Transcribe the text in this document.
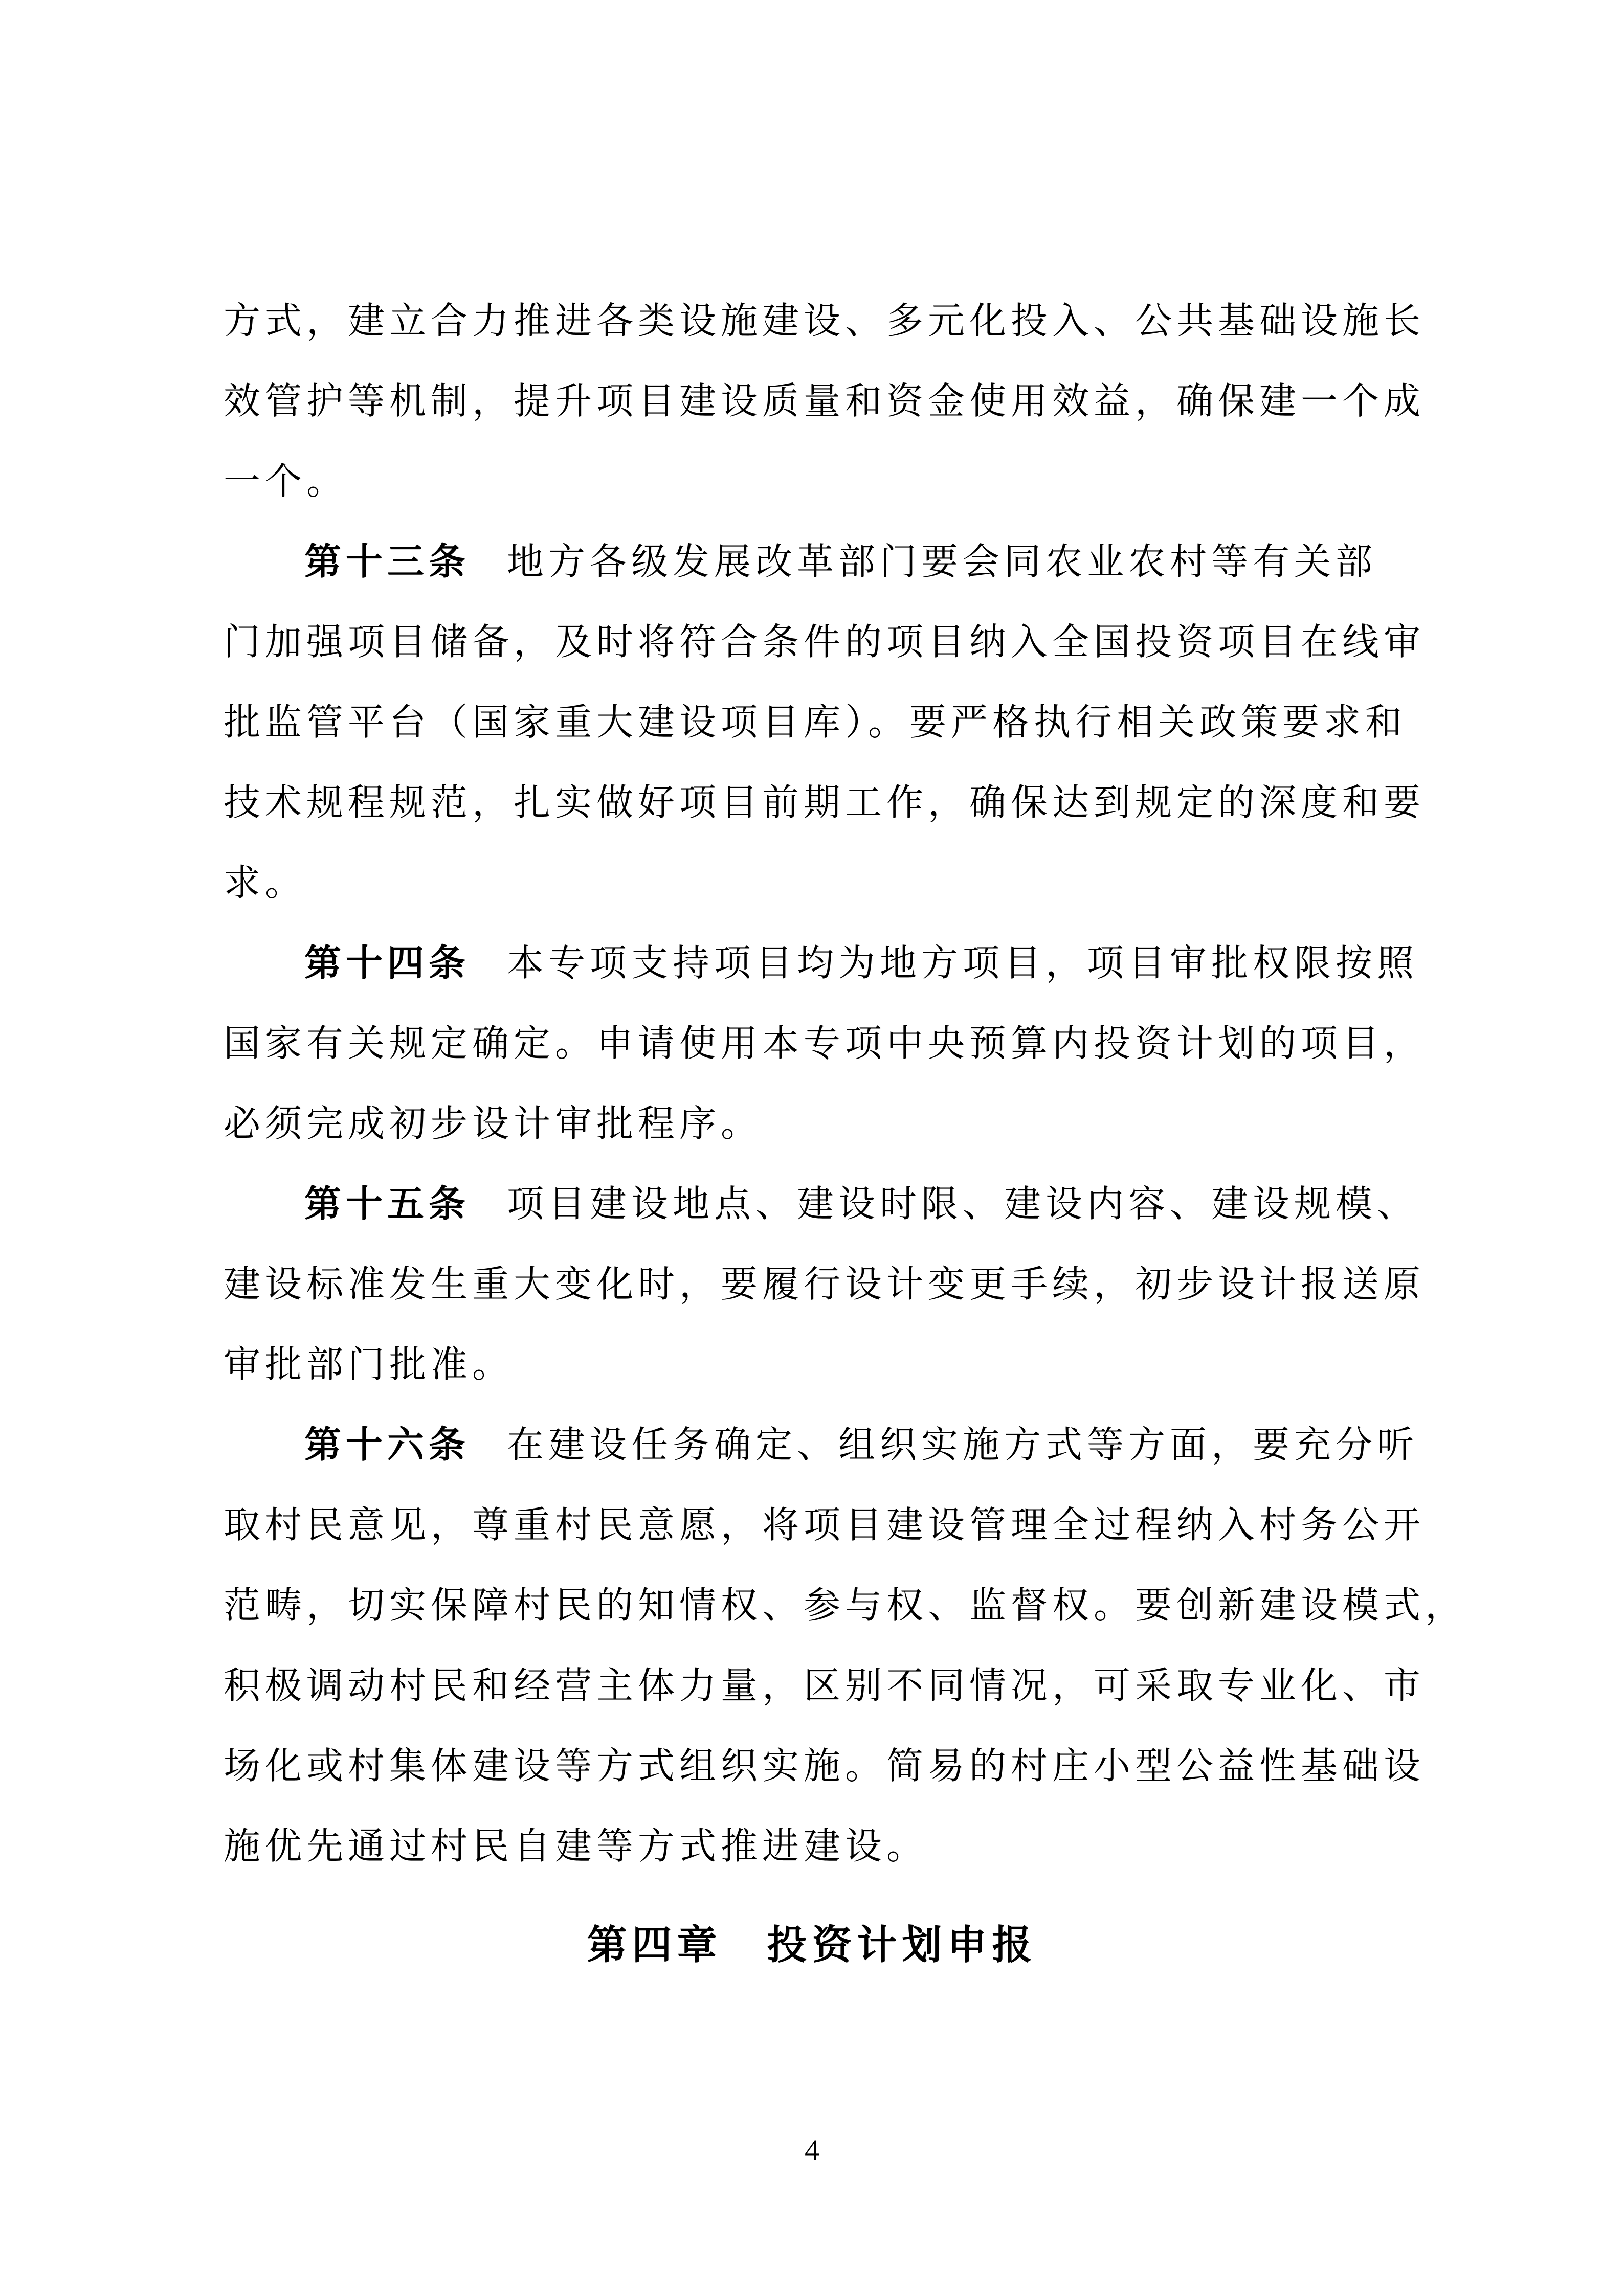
方式，建立合力推进各类设施建设、多元化投入、公共基础设施长
效管护等机制，提升项目建设质量和资金使用效益，确保建一个成
一个。
第十三条 地方各级发展改革部门要会同农业农村等有关部
门加强项目储备，及时将符合条件的项目纳入全国投资项目在线审
批监管平台（国家重大建设项目库）。要严格执行相关政策要求和
技术规程规范，扎实做好项目前期工作，确保达到规定的深度和要
求。
第十四条 本专项支持项目均为地方项目，项目审批权限按照
国家有关规定确定。申请使用本专项中央预算内投资计划的项目，
必须完成初步设计审批程序。
第十五条 项目建设地点、建设时限、建设内容、建设规模、
建设标准发生重大变化时，要履行设计变更手续，初步设计报送原
审批部门批准。
第十六条 在建设任务确定、组织实施方式等方面，要充分听
取村民意见，尊重村民意愿，将项目建设管理全过程纳入村务公开
范畴，切实保障村民的知情权、参与权、监督权。要创新建设模式，
积极调动村民和经营主体力量，区别不同情况，可采取专业化、市
场化或村集体建设等方式组织实施。简易的村庄小型公益性基础设
施优先通过村民自建等方式推进建设。
第四章　投资计划申报
4
